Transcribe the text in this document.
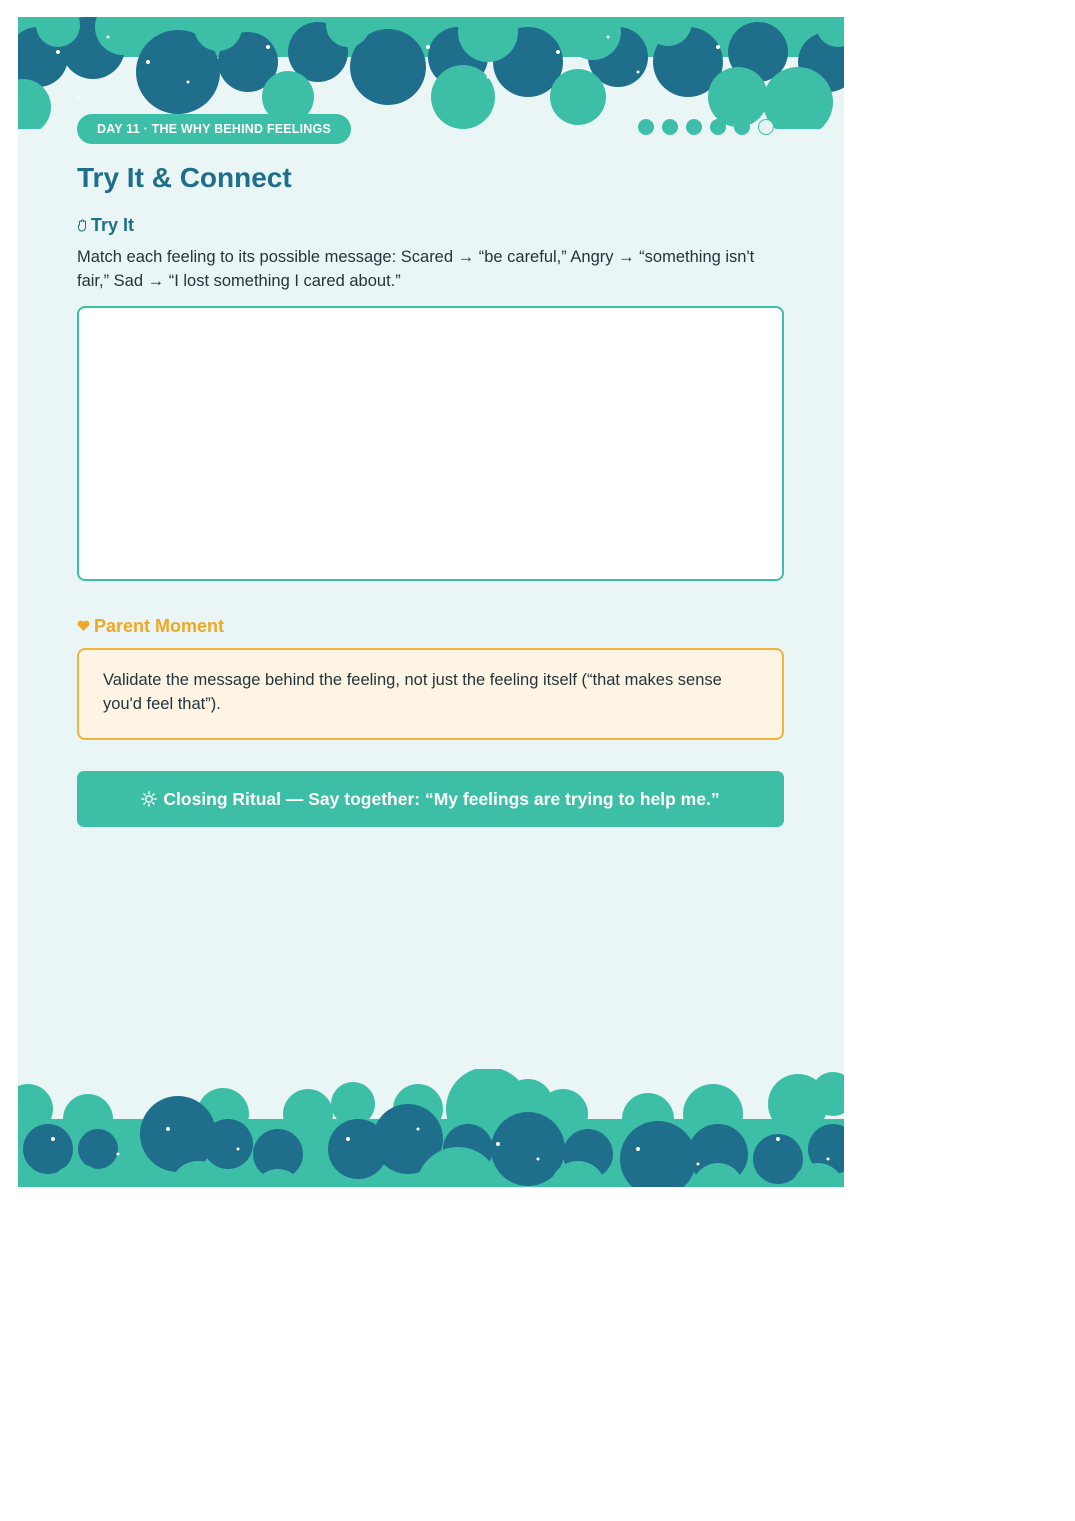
DAY 11 · THE WHY BEHIND FEELINGS
Try It & Connect
Try It

Match each feeling to its possible message: Scared → “be careful,” Angry → “something isn't fair,” Sad → “I lost something I cared about.”

Parent Moment

Validate the message behind the feeling, not just the feeling itself (“that makes sense you'd feel that”).

Closing Ritual — Say together: “My feelings are trying to help me.”
